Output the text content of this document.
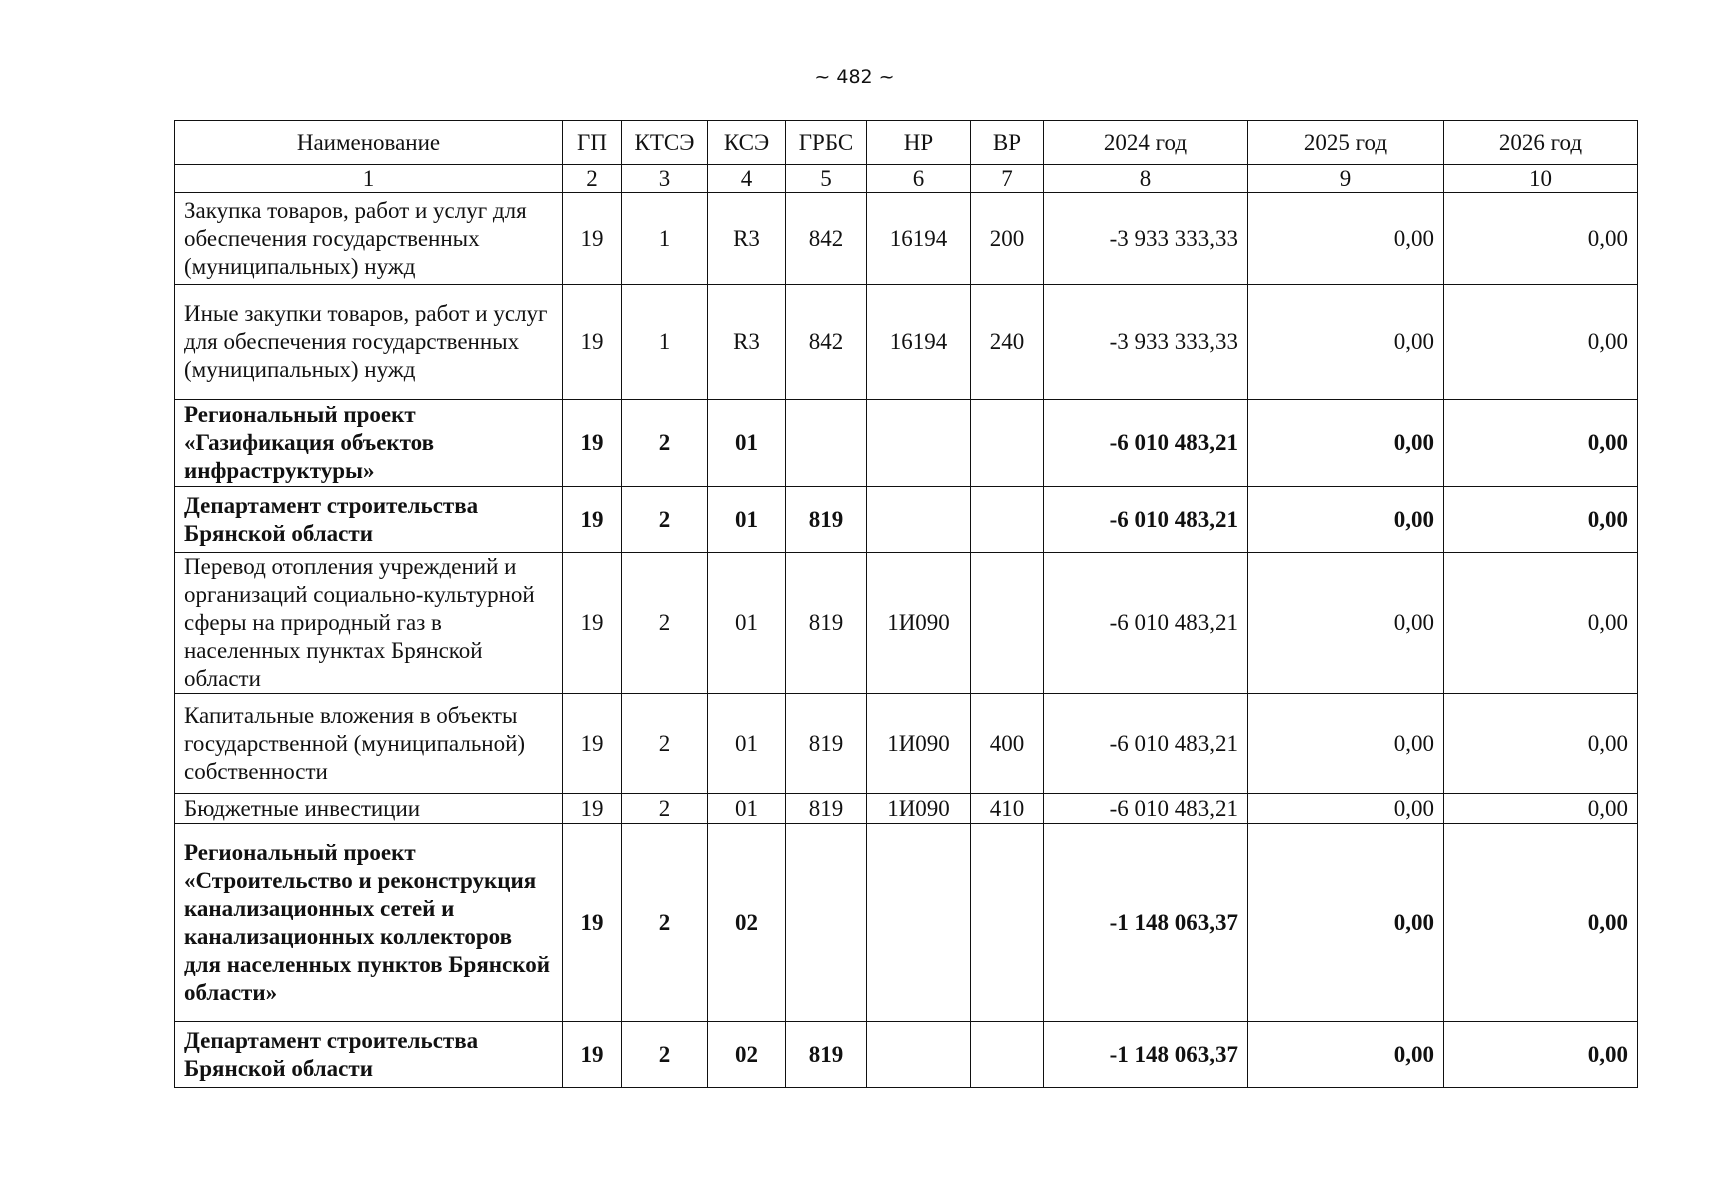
~ 482 ~
Наименование	ГП	КТСЭ	КСЭ	ГРБС	НР	ВР	2024 год	2025 год	2026 год
1	2	3	4	5	6	7	8	9	10
Закупка товаров, работ и услуг для обеспечения государственных (муниципальных) нужд	19	1	R3	842	16194	200	-3 933 333,33	0,00	0,00
Иные закупки товаров, работ и услуг для обеспечения государственных (муниципальных) нужд	19	1	R3	842	16194	240	-3 933 333,33	0,00	0,00
Региональный проект «Газификация объектов инфраструктуры»	19	2	01				-6 010 483,21	0,00	0,00
Департамент строительства Брянской области	19	2	01	819			-6 010 483,21	0,00	0,00
Перевод отопления учреждений и организаций социально-культурной сферы на природный газ в населенных пунктах Брянской области	19	2	01	819	1И090		-6 010 483,21	0,00	0,00
Капитальные вложения в объекты государственной (муниципальной) собственности	19	2	01	819	1И090	400	-6 010 483,21	0,00	0,00
Бюджетные инвестиции	19	2	01	819	1И090	410	-6 010 483,21	0,00	0,00
Региональный проект «Строительство и реконструкция канализационных сетей и канализационных коллекторов для населенных пунктов Брянской области»	19	2	02				-1 148 063,37	0,00	0,00
Департамент строительства Брянской области	19	2	02	819			-1 148 063,37	0,00	0,00
